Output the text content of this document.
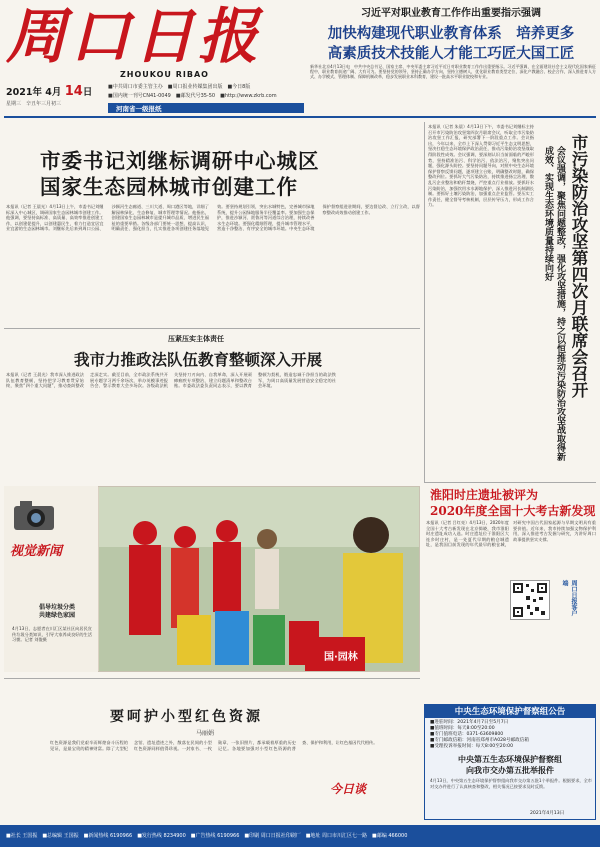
周口日报
ZHOUKOU RIBAO
习近平对职业教育工作作出重要指示强调
加快构建现代职业教育体系　培养更多
高素质技术技能人才能工巧匠大国工匠
新华社北京4月13日电　中共中央总书记、国家主席、中央军委主席习近平近日对职业教育工作作出重要指示。习近平强调，在全面建设社会主义现代化国家新征程中，职业教育前途广阔、大有可为。要坚持党的领导，坚持正确办学方向，坚持立德树人，优化职业教育类型定位，深化产教融合、校企合作，深入推进育人方式、办学模式、管理体制、保障机制改革，稳步发展职业本科教育，建设一批高水平职业院校和专业。
2021年 4月 14日
星期三　辛丑年三月初三
■中共周口市委主管主办　■周口报业传媒集团出版　■今日8版
■国内统一刊号CN41-0049　■邮发代号35-50　■http://www.zkrb.com
河南省一级报纸
市委书记刘继标调研中心城区
国家生态园林城市创建工作
本报讯（记者 王晨光）4月13日上午，市委书记刘继标深入中心城区，调研国家生态园林城市创建工作。他强调，要坚持高标准、高质量、高效率推进创建工作，以创建促提升，以创建惠民生，着力打造宜居宜业宜游的生态园林城市。刘继标先后来到周口公园、沙颍河生态廊道、三川大道、周口港区等地，详细了解园林绿化、生态修复、城市管理等情况。他指出，创建国家生态园林城市是提升城市品质、增进民生福祉的重要举措。各级各部门要统一思想、提高认识，明确责任、强化担当，扎实推进各项创建任务落地见效。要坚持规划引领，突出水城特色，完善城市绿地系统，提升公园绿地服务半径覆盖率。要加强生态保护，推进沙颍河、贾鲁河等河道综合治理，持续改善水生态环境。要强化精细管理，提升城市管理水平，营造干净整洁、有序安全的城市环境。中央生态环境保护督察组进驻期间，要边督边改、立行立改，以督察整改成效推动创建工作。	市污染防治攻坚第四次月联席会召开
会议强调，聚焦问题整改，强化攻坚措施，持之以恒推动污染防治攻坚战取得新成效、实现生态环境质量持续向好
本报讯（记者 朱晨）4月13日下午，市委书记刘继标主持召开市污染防治攻坚第四次月联席会议，听取全市污染防治攻坚工作汇报，研究部署下一阶段重点工作。会议指出，今年以来，全市上下深入贯彻习近平生态文明思想，坚决扛稳生态环境保护政治责任，推动污染防治攻坚战取得阶段性成效。会议强调，要深刻认识当前面临的严峻形势，坚持精准治污、科学治污、依法治污，聚焦突出问题，强化源头防控。要坚持问题导向，对照中央生态环境保护督察反馈问题，逐项建立台账，明确整改时限，确保整改到位。要抓好大气污染防治，持续推进扬尘治理、散乱污企业整治和秸秆禁烧，严控重点行业排放。要抓好水污染防治，加强饮用水水源地保护，深入推进河长制湖长制。要抓好土壤污染防治，加强重点企业监管。要压实工作责任，健全督导考核机制，层层传导压力，形成工作合力。
压紧压实主体责任
我市力推政法队伍教育整顿深入开展
本报讯（记者 王晨光）我市深入推进政法队伍教育整顿，坚持把学习教育贯穿始终，聚焦“四个重大问题”，推动查纠整改走深走实。截至目前，全市政法系统共开展专题学习两千余场次，举办英模事迹报告会、警示教育大会多场次。各级政法机关坚持刀刃向内、自我革命，深入开展顽瘴痼疾专项整治，建立问题清单和整改台账。市委政法委负责同志表示，要以教育整顿为契机，锻造忠诚干净担当的政法铁军，为周口高质量发展营造安全稳定的社会环境。
淮阳时庄遗址被评为
2020年度全国十大考古新发现
本报讯（记者 吕红亮）4月13日，2020年度全国十大考古新发现在北京揭晓，我市淮阳时庄遗址成功入选。时庄遗址位于淮阳区大连乡时庄村，是一处夏代早期的粮仓城遗址，是我国目前发现的年代最早的粮仓城，对研究中国古代国家起源与早期文明具有重要价值。近年来，我市持续加强文物保护利用，深入推进考古发掘与研究，为讲好周口故事提供坚实支撑。
周口日报客户端
视觉新闻
倡导垃圾分类
共建绿色家园
4月13日，志愿者在川汇区某社区向居民宣传垃圾分类知识，引导大家养成良好的生活习惯。记者 刘俊摄
国·园林
要呵护小型红色资源
马丽娟
红色资源是我们党艰辛而辉煌奋斗历程的见证，是最宝贵的精神财富。除了大型纪念馆、遗址遗迹之外，散落在民间的小型红色资源同样值得珍视。一封家书、一枚勋章、一张旧照片，都承载着厚重的历史记忆。各地要加强对小型红色资源的普查、保护和利用，让红色基因代代相传。
今日谈
中央生态环境保护督察组公告
■进驻时间：2021年4月7日至5月7日
■值班时间：每天8:00至20:00
■专门值班电话：0371-63609800
■专门邮政信箱：河南省郑州市A028号邮政信箱
■受理投诉举报时间：每天8:00至20:00
中央第五生态环境保护督察组
向我市交办第五批举报件
4月13日，中央第五生态环境保护督察组向我市交办第五批1个举报件。根据要求，全市对交办件进行了认真核查和整改，相关情况已按要求及时反馈。
2021年4月13日
■社长 王国振　■总编辑 王国振　■新闻热线 6190966　■发行热线 8234900　■广告热线 6190966　■印刷 周口日报社印刷厂　■地址 周口市川汇区七一路　■邮编 466000
